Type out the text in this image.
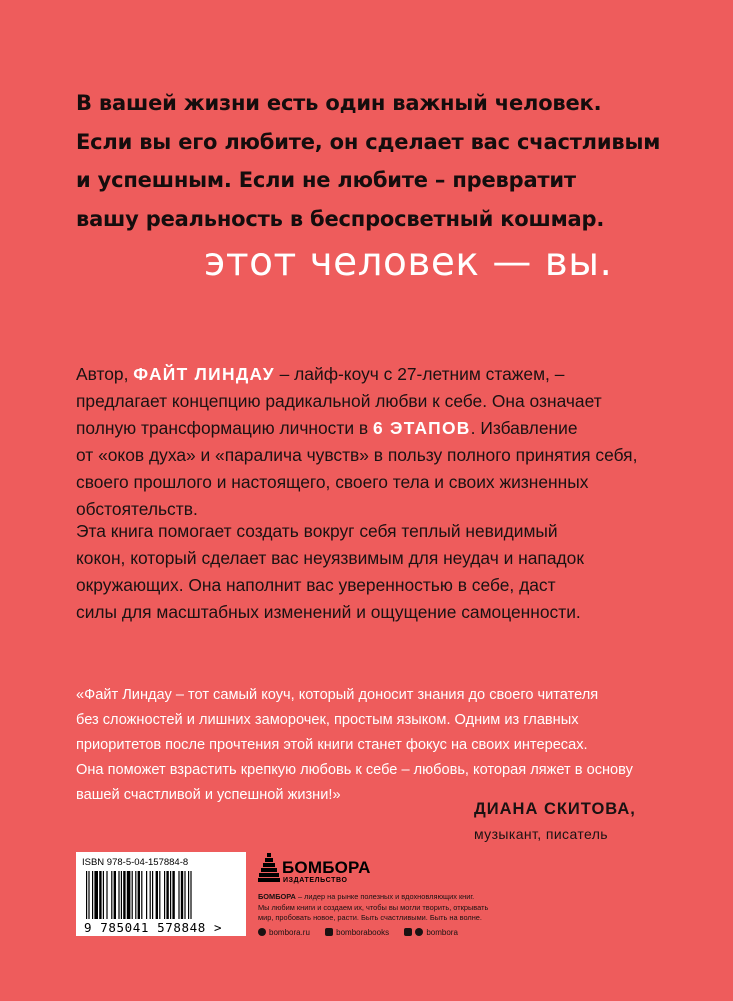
В вашей жизни есть один важный человек.
Если вы его любите, он сделает вас счастливым
и успешным. Если не любите – превратит
вашу реальность в беспросветный кошмар.
этот человек — вы.
Автор, ФАЙТ ЛИНДАУ – лайф-коуч с 27-летним стажем, –
предлагает концепцию радикальной любви к себе. Она означает
полную трансформацию личности в 6 ЭТАПОВ. Избавление
от «оков духа» и «паралича чувств» в пользу полного принятия себя,
своего прошлого и настоящего, своего тела и своих жизненных
обстоятельств.
Эта книга помогает создать вокруг себя теплый невидимый
кокон, который сделает вас неуязвимым для неудач и нападок
окружающих. Она наполнит вас уверенностью в себе, даст
силы для масштабных изменений и ощущение самоценности.
«Файт Линдау – тот самый коуч, который доносит знания до своего читателя
без сложностей и лишних заморочек, простым языком. Одним из главных
приоритетов после прочтения этой книги станет фокус на своих интересах.
Она поможет взрастить крепкую любовь к себе – любовь, которая ляжет в основу
вашей счастливой и успешной жизни!»
ДИАНА СКИТОВА,
музыкант, писатель
ISBN 978-5-04-157884-8
9 785041 578848 >
БОМБОРА
ИЗДАТЕЛЬСТВО
БОМБОРА – лидер на рынке полезных и вдохновляющих книг.
Мы любим книги и создаем их, чтобы вы могли творить, открывать
мир, пробовать новое, расти. Быть счастливыми. Быть на волне.
bombora.ru	bomborabooks	bombora
